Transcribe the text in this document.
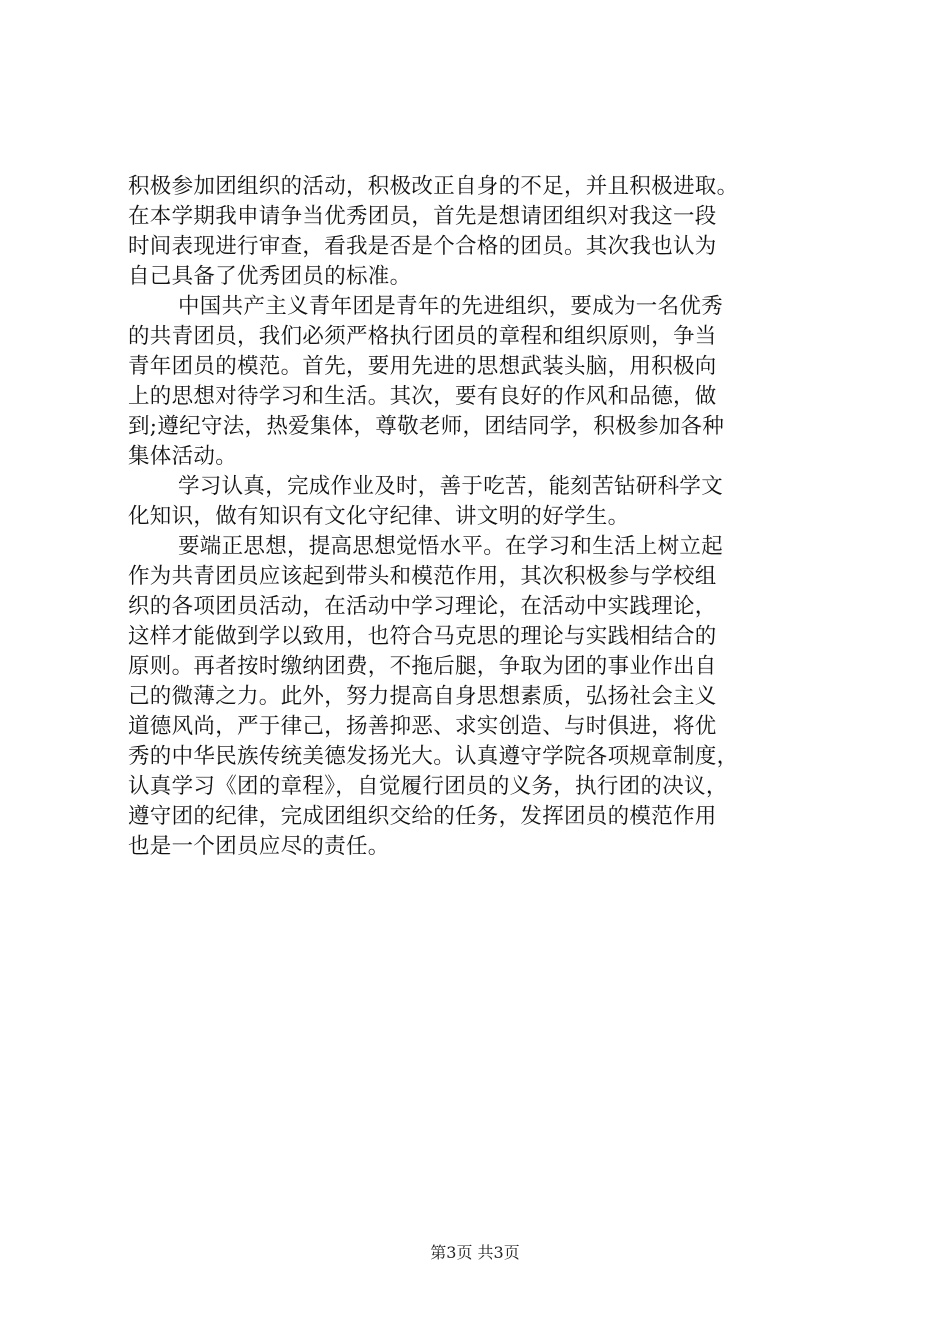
积极参加团组织的活动，积极改正自身的不足，并且积极进取。
在本学期我申请争当优秀团员，首先是想请团组织对我这一段
时间表现进行审查，看我是否是个合格的团员。其次我也认为
自己具备了优秀团员的标准。
中国共产主义青年团是青年的先进组织，要成为一名优秀
的共青团员，我们必须严格执行团员的章程和组织原则，争当
青年团员的模范。首先，要用先进的思想武装头脑，用积极向
上的思想对待学习和生活。其次，要有良好的作风和品德，做
到;遵纪守法，热爱集体，尊敬老师，团结同学，积极参加各种
集体活动。
学习认真，完成作业及时，善于吃苦，能刻苦钻研科学文
化知识，做有知识有文化守纪律、讲文明的好学生。
要端正思想，提高思想觉悟水平。在学习和生活上树立起
作为共青团员应该起到带头和模范作用，其次积极参与学校组
织的各项团员活动，在活动中学习理论，在活动中实践理论，
这样才能做到学以致用，也符合马克思的理论与实践相结合的
原则。再者按时缴纳团费，不拖后腿，争取为团的事业作出自
己的微薄之力。此外，努力提高自身思想素质，弘扬社会主义
道德风尚，严于律己，扬善抑恶、求实创造、与时俱进，将优
秀的中华民族传统美德发扬光大。认真遵守学院各项规章制度，
认真学习《团的章程》，自觉履行团员的义务，执行团的决议，
遵守团的纪律，完成团组织交给的任务，发挥团员的模范作用
也是一个团员应尽的责任。
第3页 共3页
